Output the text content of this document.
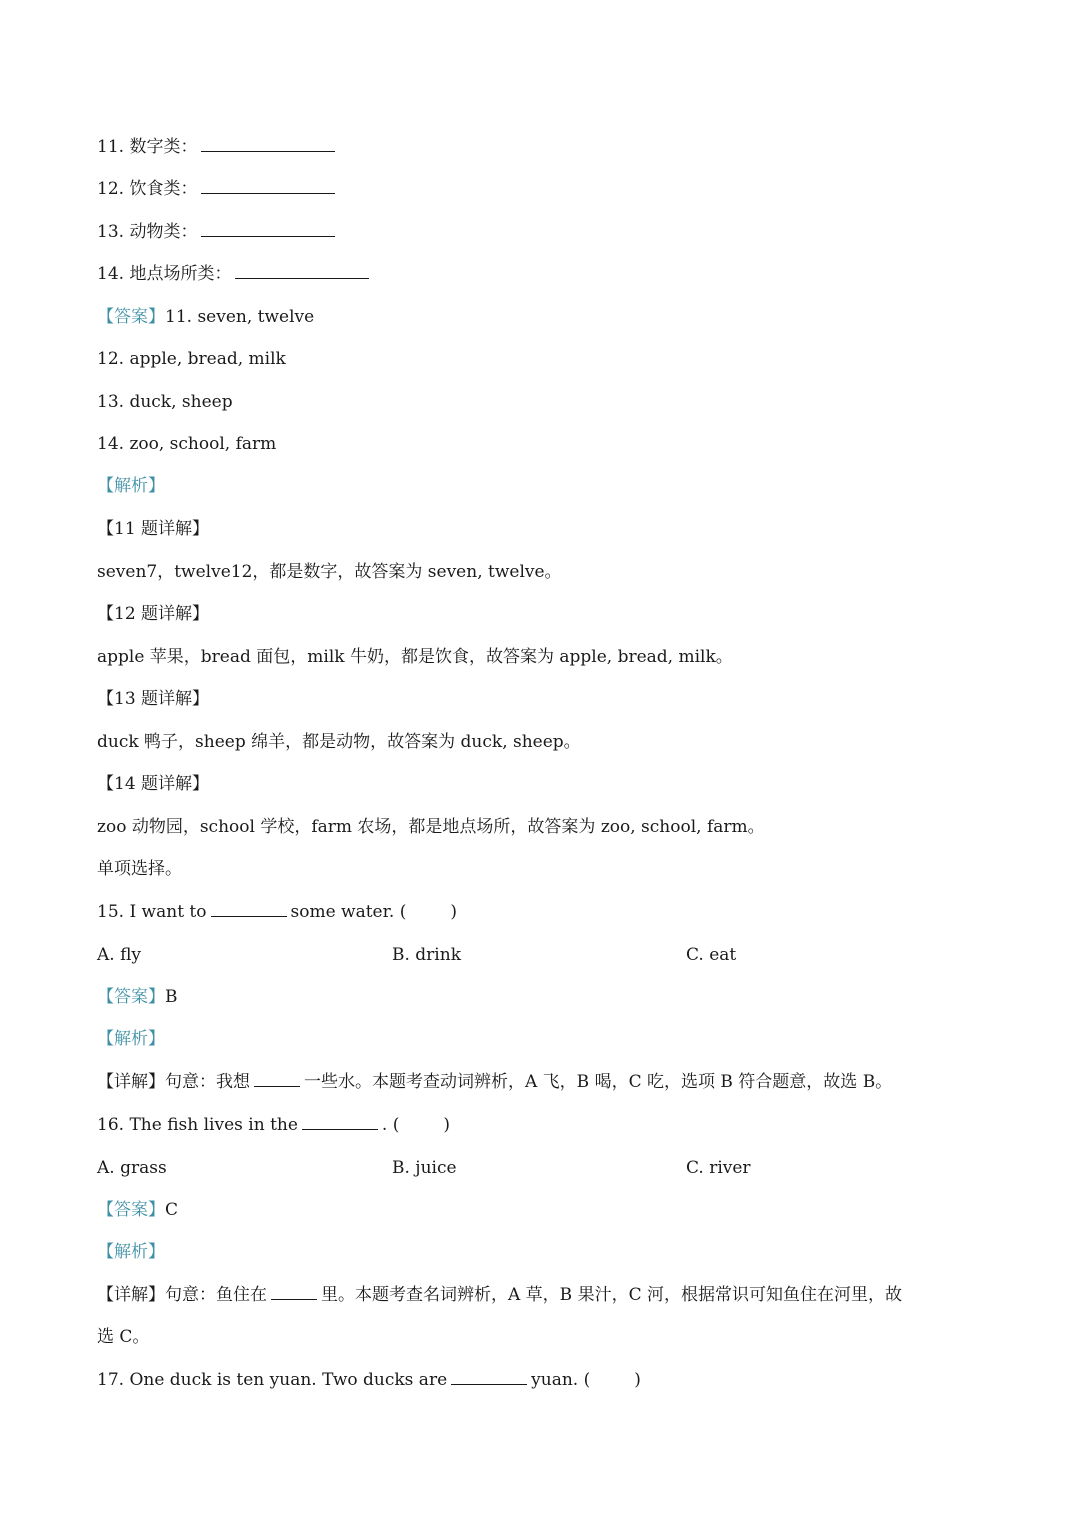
11. 数字类：
12. 饮食类：
13. 动物类：
14. 地点场所类：
【答案】11. seven, twelve
12. apple, bread, milk
13. duck, sheep
14. zoo, school, farm
【解析】
【11 题详解】
seven7，twelve12，都是数字，故答案为 seven, twelve。
【12 题详解】
apple 苹果，bread 面包，milk 牛奶，都是饮食，故答案为 apple, bread, milk。
【13 题详解】
duck 鸭子，sheep 绵羊，都是动物，故答案为 duck, sheep。
【14 题详解】
zoo 动物园，school 学校，farm 农场，都是地点场所，故答案为 zoo, school, farm。
单项选择。
15. I want to	some water. (	)
A. fly	B. drink	C. eat
【答案】B
【解析】
【详解】句意：我想	一些水。本题考查动词辨析，A 飞，B 喝，C 吃，选项 B 符合题意，故选 B。
16. The fish lives in the	. (	)
A. grass	B. juice	C. river
【答案】C
【解析】
【详解】句意：鱼住在	里。本题考查名词辨析，A 草，B 果汁，C 河，根据常识可知鱼住在河里，故
选 C。
17. One duck is ten yuan. Two ducks are	yuan. (	)
